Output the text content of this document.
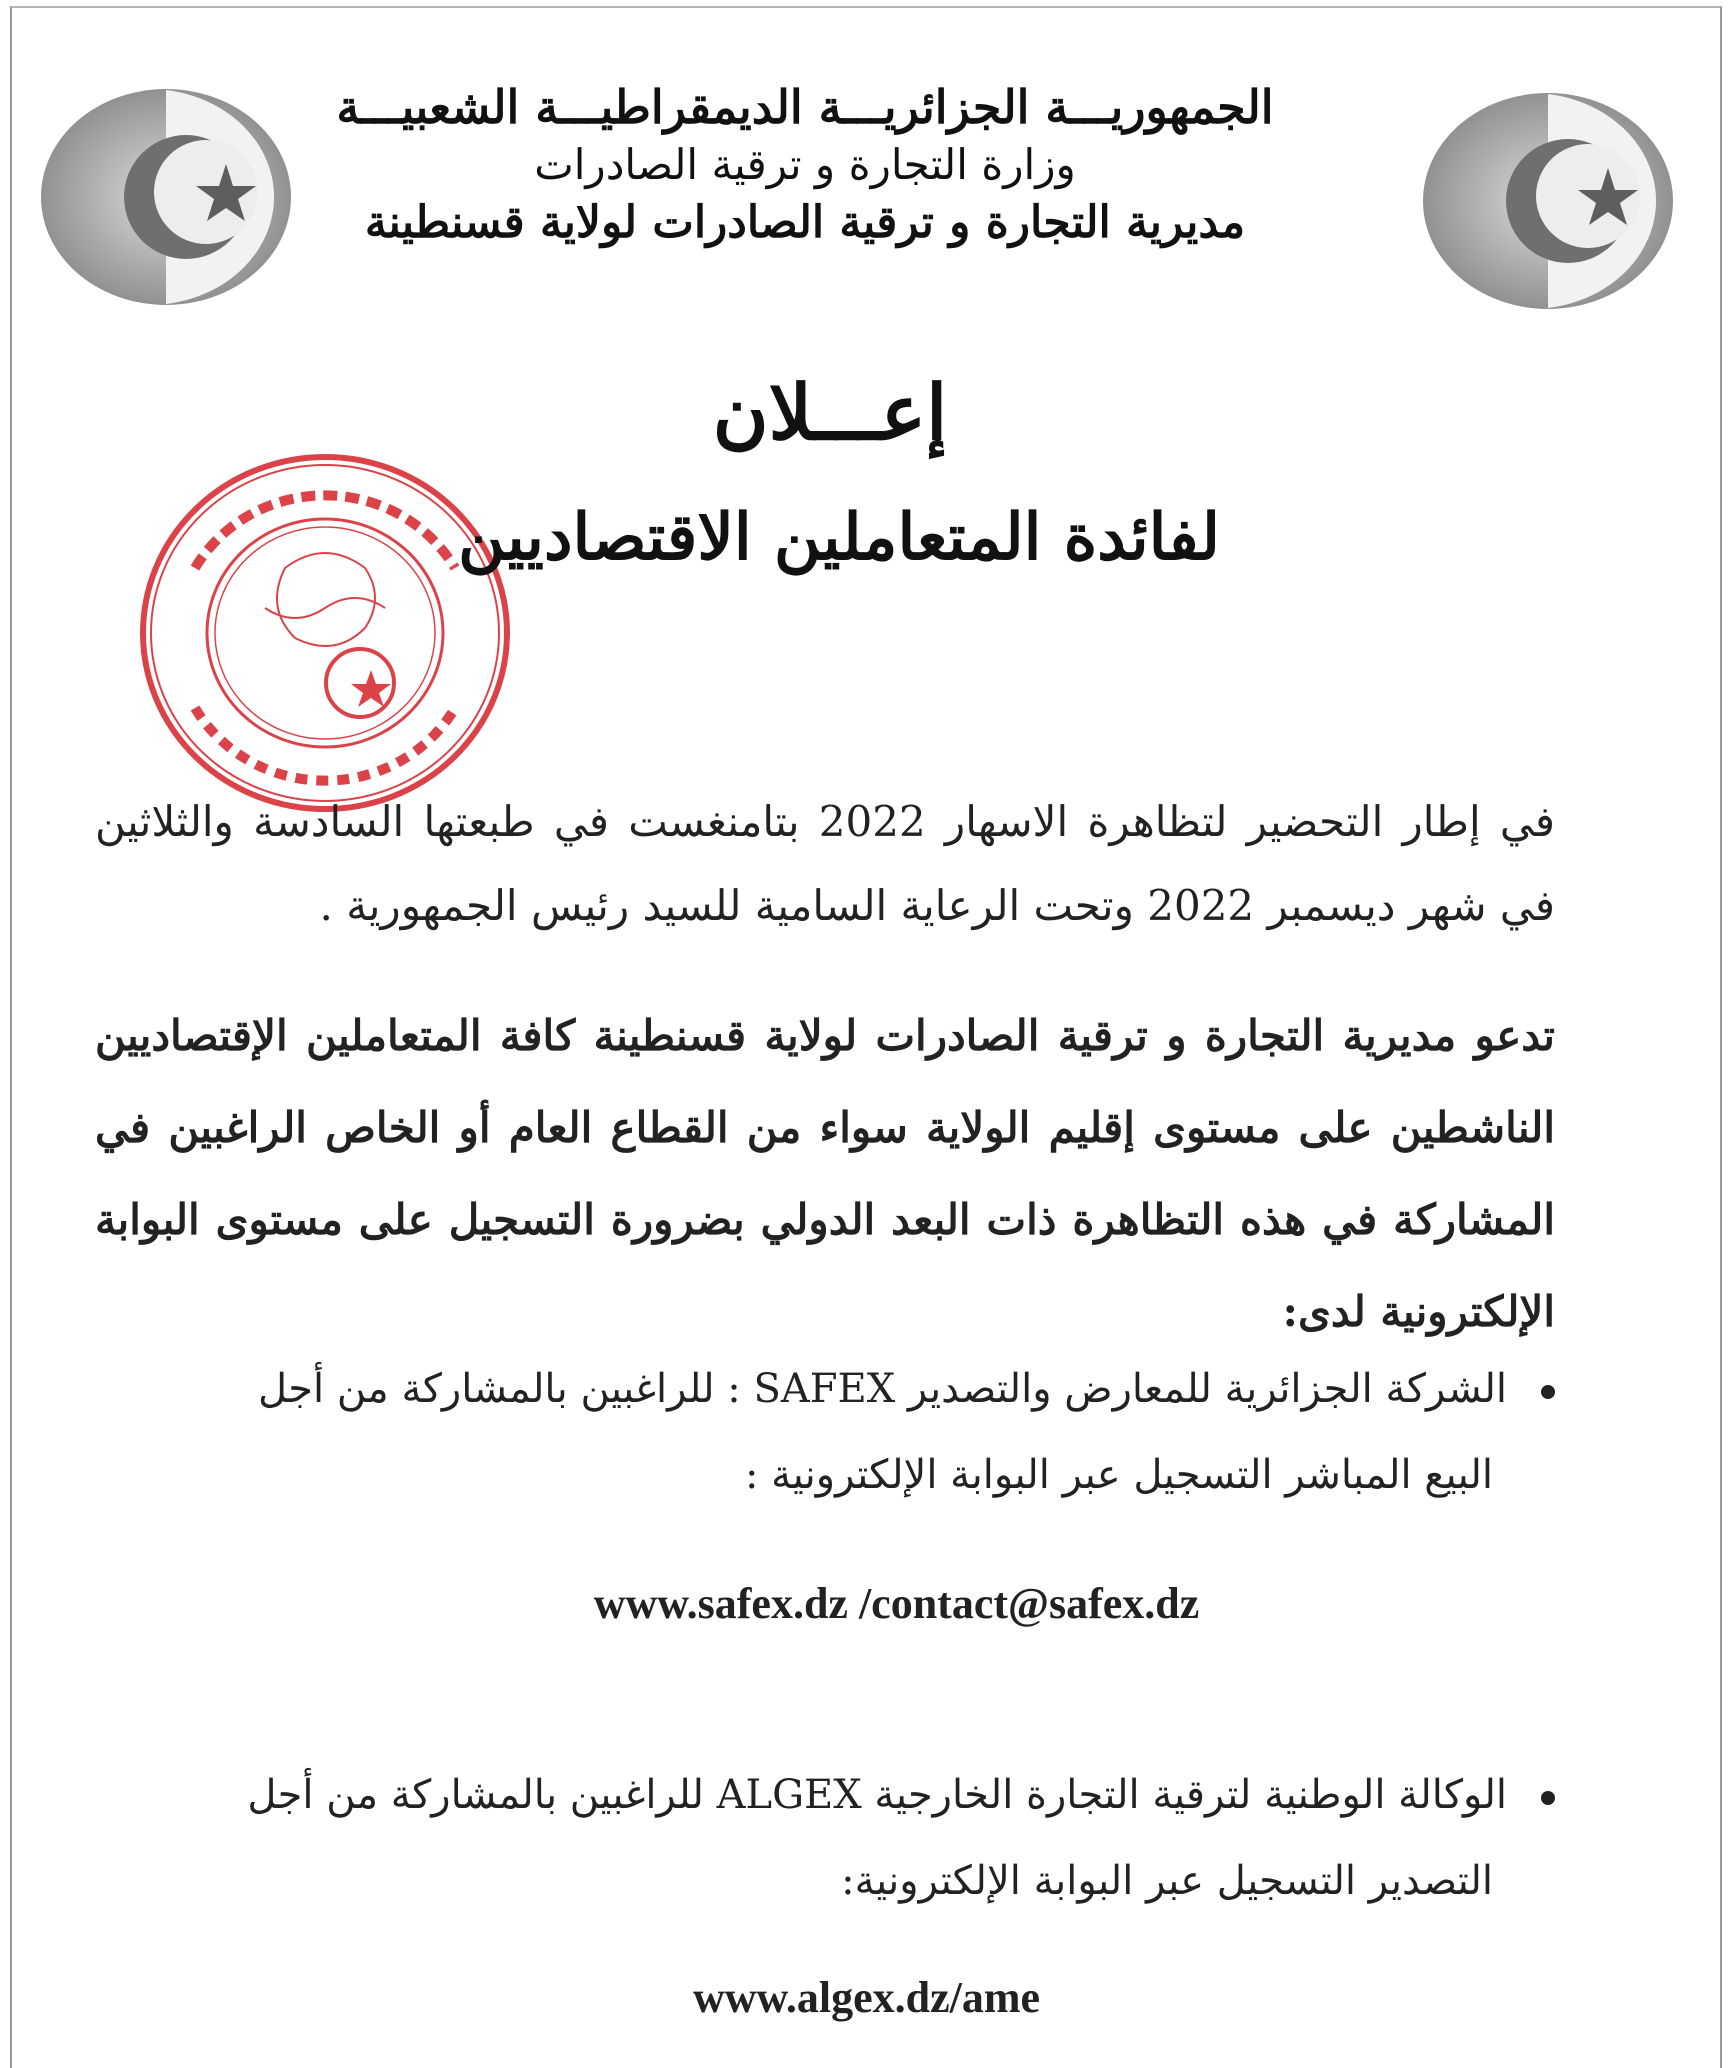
الجمهوريـــة الجزائريـــة الديمقراطيـــة الشعبيـــة
وزارة التجارة و ترقية الصادرات
مديرية التجارة و ترقية الصادرات لولاية قسنطينة
إعـــلان
لفائدة المتعاملين الاقتصاديين
في إطار التحضير لتظاهرة الاسهار 2022 بتامنغست في طبعتها السادسة والثلاثين في شهر ديسمبر 2022 وتحت الرعاية السامية للسيد رئيس الجمهورية .
تدعو مديرية التجارة و ترقية الصادرات لولاية قسنطينة كافة المتعاملين الإقتصاديين الناشطين على مستوى إقليم الولاية سواء من القطاع العام أو الخاص الراغبين في المشاركة في هذه التظاهرة ذات البعد الدولي بضرورة التسجيل على مستوى البوابة الإلكترونية لدى:
الشركة الجزائرية للمعارض والتصدير SAFEX : للراغبين بالمشاركة من أجل
البيع المباشر التسجيل عبر البوابة الإلكترونية :
www.safex.dz /contact@safex.dz
الوكالة الوطنية لترقية التجارة الخارجية ALGEX للراغبين بالمشاركة من أجل
التصدير التسجيل عبر البوابة الإلكترونية:
www.algex.dz/ame
